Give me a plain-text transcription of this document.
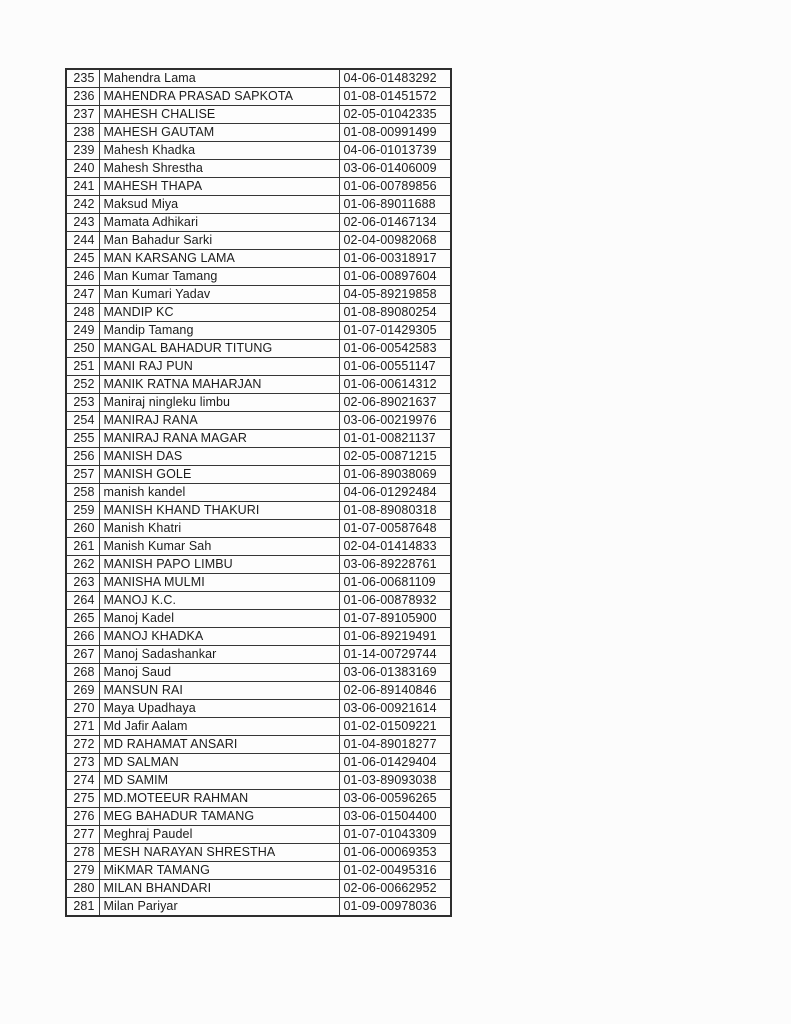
235	Mahendra Lama	04-06-01483292
236	MAHENDRA PRASAD SAPKOTA	01-08-01451572
237	MAHESH CHALISE	02-05-01042335
238	MAHESH GAUTAM	01-08-00991499
239	Mahesh Khadka	04-06-01013739
240	Mahesh Shrestha	03-06-01406009
241	MAHESH THAPA	01-06-00789856
242	Maksud Miya	01-06-89011688
243	Mamata Adhikari	02-06-01467134
244	Man Bahadur Sarki	02-04-00982068
245	MAN KARSANG LAMA	01-06-00318917
246	Man Kumar Tamang	01-06-00897604
247	Man Kumari Yadav	04-05-89219858
248	MANDIP KC	01-08-89080254
249	Mandip Tamang	01-07-01429305
250	MANGAL BAHADUR TITUNG	01-06-00542583
251	MANI RAJ PUN	01-06-00551147
252	MANIK RATNA MAHARJAN	01-06-00614312
253	Maniraj ningleku limbu	02-06-89021637
254	MANIRAJ RANA	03-06-00219976
255	MANIRAJ RANA MAGAR	01-01-00821137
256	MANISH DAS	02-05-00871215
257	MANISH GOLE	01-06-89038069
258	manish kandel	04-06-01292484
259	MANISH KHAND THAKURI	01-08-89080318
260	Manish Khatri	01-07-00587648
261	Manish Kumar Sah	02-04-01414833
262	MANISH PAPO LIMBU	03-06-89228761
263	MANISHA MULMI	01-06-00681109
264	MANOJ K.C.	01-06-00878932
265	Manoj Kadel	01-07-89105900
266	MANOJ KHADKA	01-06-89219491
267	Manoj Sadashankar	01-14-00729744
268	Manoj Saud	03-06-01383169
269	MANSUN RAI	02-06-89140846
270	Maya Upadhaya	03-06-00921614
271	Md Jafir Aalam	01-02-01509221
272	MD RAHAMAT ANSARI	01-04-89018277
273	MD SALMAN	01-06-01429404
274	MD SAMIM	01-03-89093038
275	MD.MOTEEUR RAHMAN	03-06-00596265
276	MEG BAHADUR TAMANG	03-06-01504400
277	Meghraj Paudel	01-07-01043309
278	MESH NARAYAN SHRESTHA	01-06-00069353
279	MiKMAR TAMANG	01-02-00495316
280	MILAN BHANDARI	02-06-00662952
281	Milan Pariyar	01-09-00978036
